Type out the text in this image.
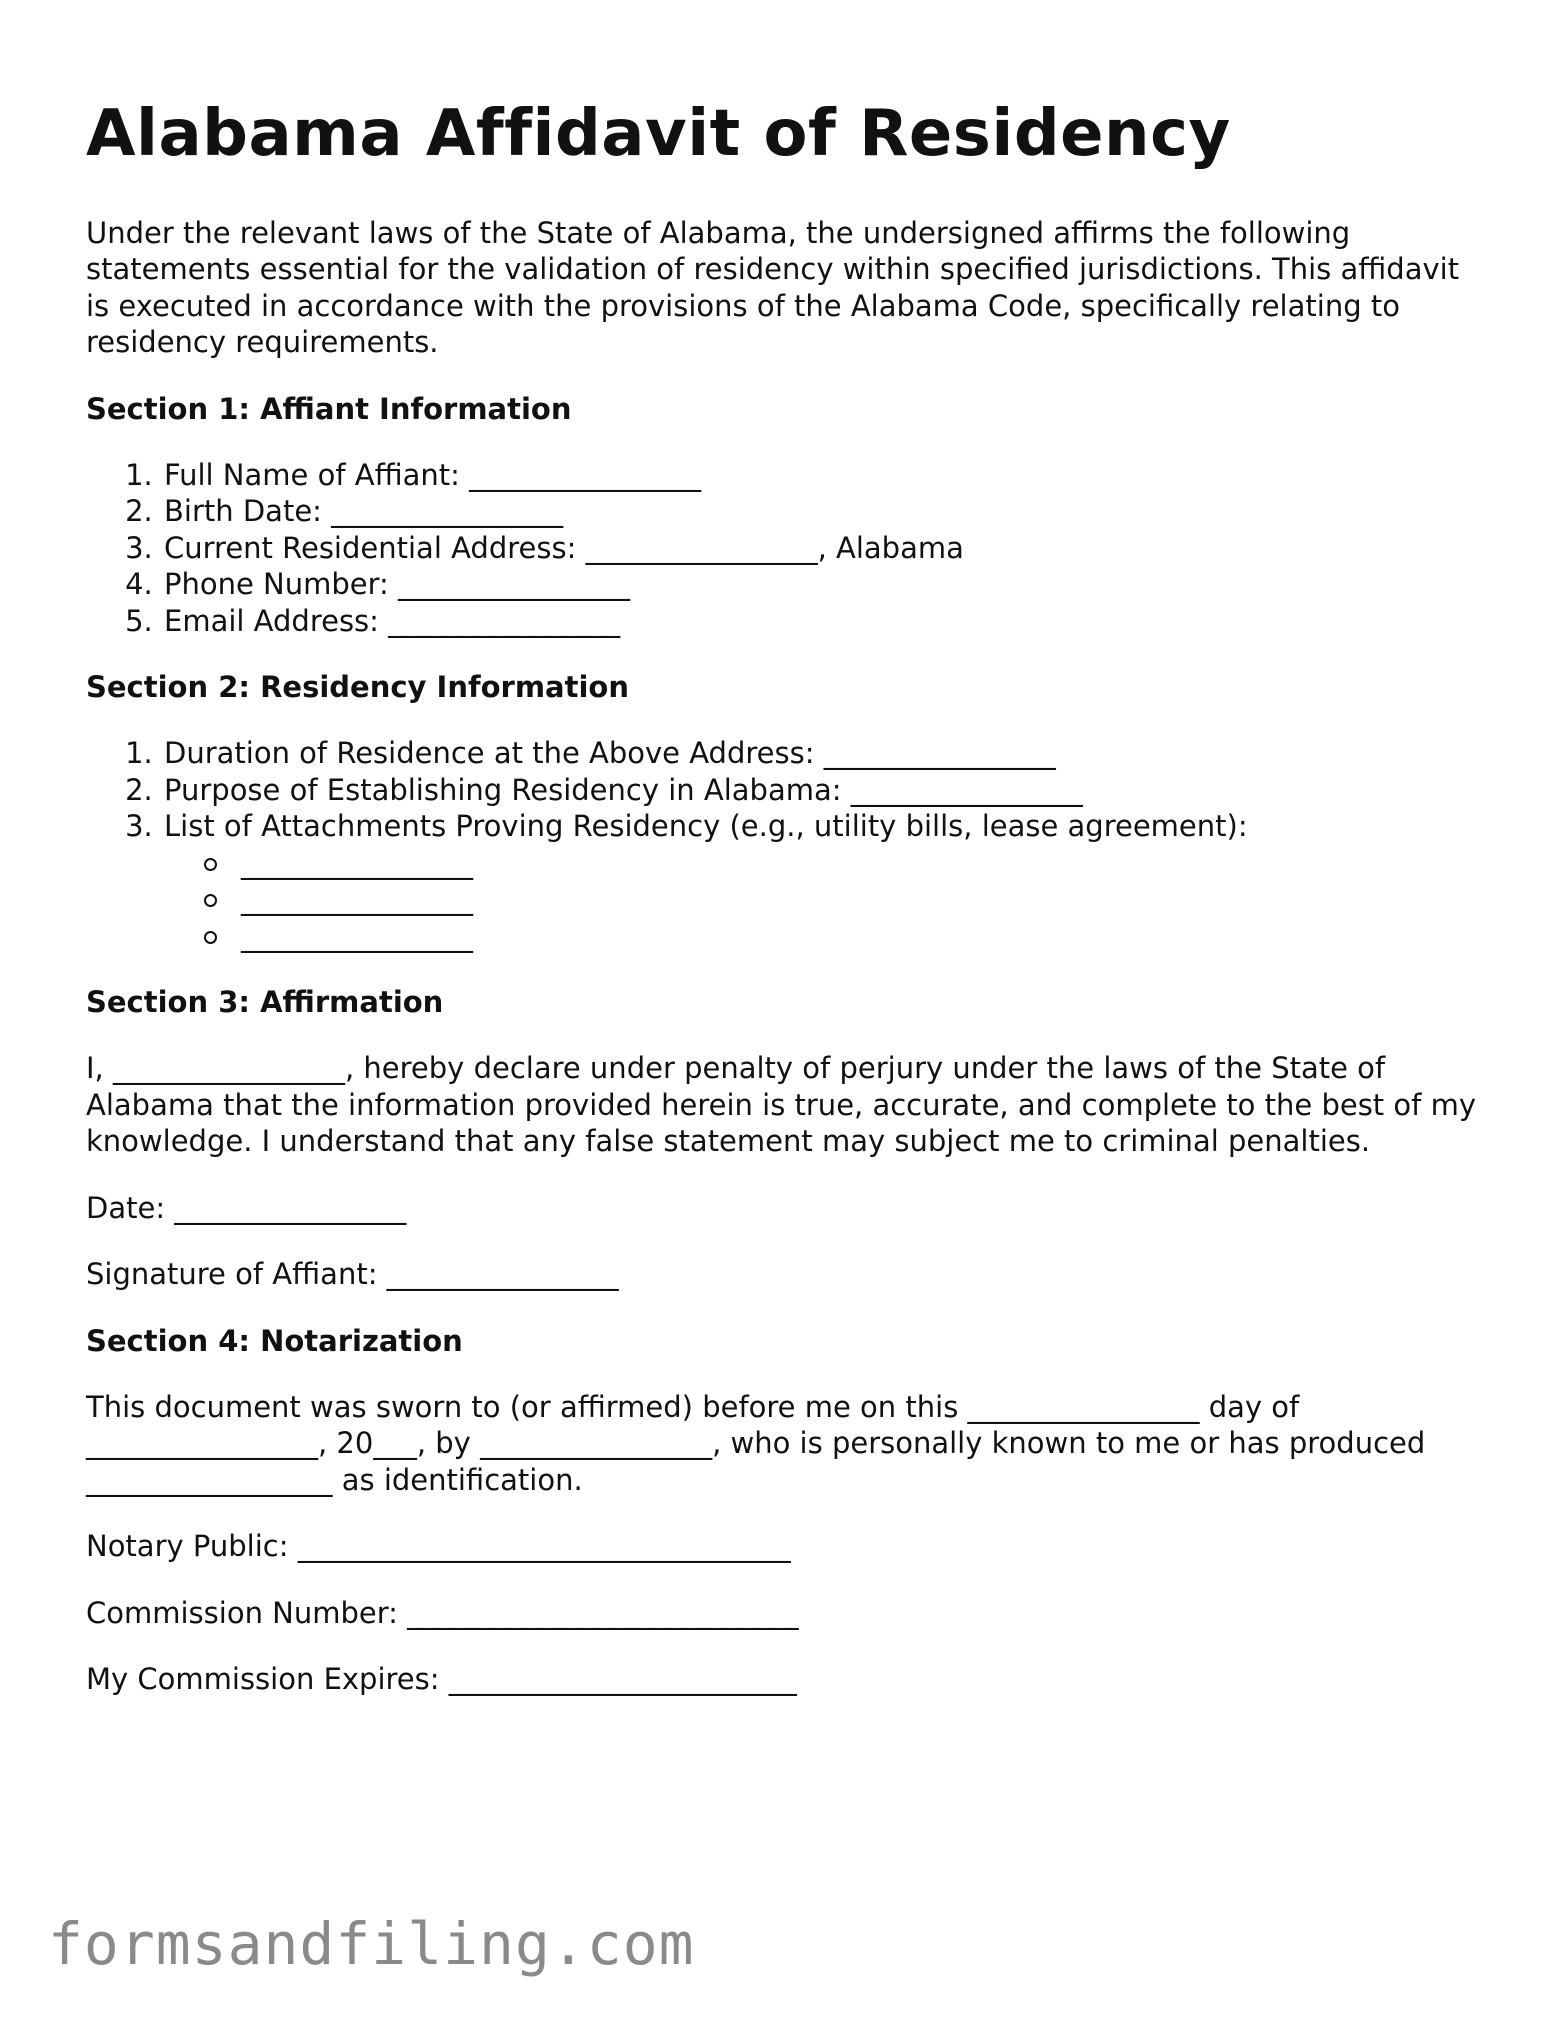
Alabama Affidavit of Residency

Under the relevant laws of the State of Alabama, the undersigned affirms the following statements essential for the validation of residency within specified jurisdictions. This affidavit is executed in accordance with the provisions of the Alabama Code, specifically relating to residency requirements.

Section 1: Affiant Information
1. Full Name of Affiant: ________________
2. Birth Date: ________________
3. Current Residential Address: ________________, Alabama
4. Phone Number: ________________
5. Email Address: ________________
Section 2: Residency Information
1. Duration of Residence at the Above Address: ________________
2. Purpose of Establishing Residency in Alabama: ________________
3. List of Attachments Proving Residency (e.g., utility bills, lease agreement):
________________
________________
________________
Section 3: Affirmation

I, ________________, hereby declare under penalty of perjury under the laws of the State of Alabama that the information provided herein is true, accurate, and complete to the best of my knowledge. I understand that any false statement may subject me to criminal penalties.

Date: ________________

Signature of Affiant: ________________

Section 4: Notarization

This document was sworn to (or affirmed) before me on this ________________ day of ________________, 20___, by ________________, who is personally known to me or has produced _________________ as identification.

Notary Public: __________________________________

Commission Number: ___________________________

My Commission Expires: ________________________

formsandfiling.com
